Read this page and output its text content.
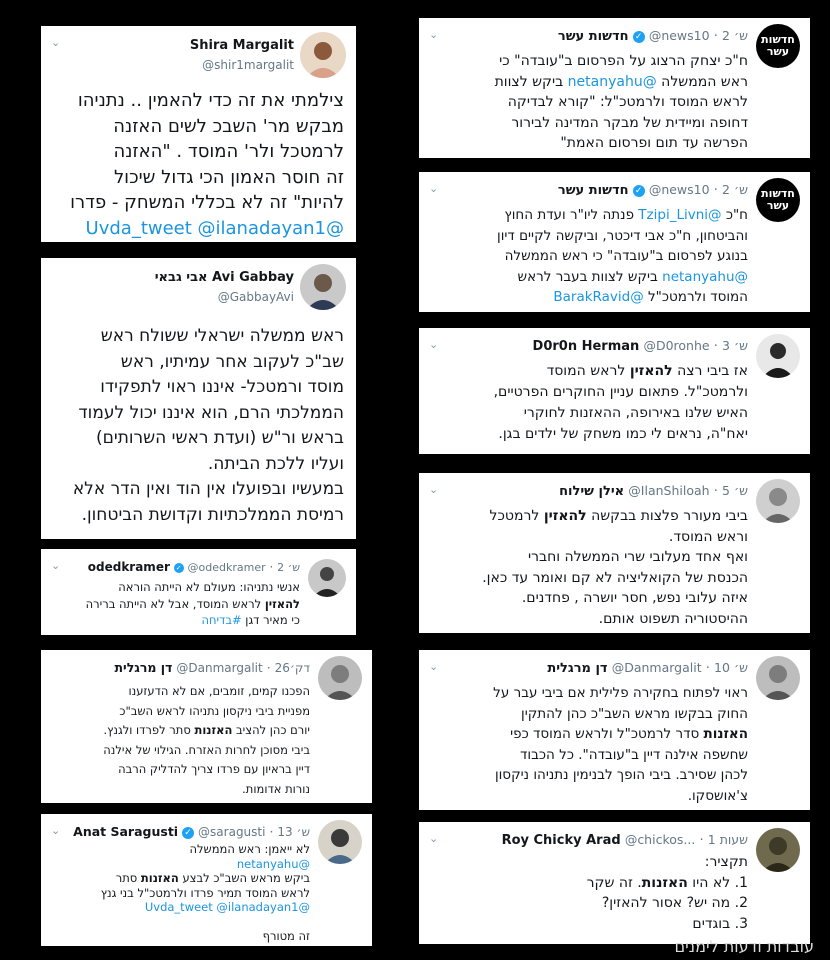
חדשות עשר
חדשות עשר ✓ @news10 · 2 ש׳
⌄
ח"כ יצחק הרצוג על הפרסום ב"עובדה" כי
ראש הממשלה @netanyahu ביקש לצוות
לראש המוסד ולרמטכ"ל: "קורא לבדיקה
דחופה ומיידית של מבקר המדינה לבירור
הפרשה עד תום ופרסום האמת"
חדשות עשר
חדשות עשר ✓ @news10 · 2 ש׳
⌄
ח"כ @Tzipi_Livni פנתה ליו"ר ועדת החוץ
והביטחון, ח"כ אבי דיכטר, וביקשה לקיים דיון
בנוגע לפרסום ב"עובדה" כי ראש הממשלה
@netanyahu ביקש לצוות בעבר לראש
המוסד ולרמטכ"ל @BarakRavid
D0r0n Herman @D0ronhe · 3 ש׳
⌄
אז ביבי רצה להאזין לראש המוסד
ולרמטכ"ל. פתאום עניין החוקרים הפרטיים,
האיש שלנו באירופה, ההאזנות לחוקרי
יאח"ה, נראים לי כמו משחק של ילדים בגן.
אילן שילוח @IlanShiloah · 5 ש׳
⌄
ביבי מעורר פלצות בבקשה להאזין לרמטכל
וראש המוסד.
ואף אחד מעלובי שרי הממשלה וחברי
הכנסת של הקואליציה לא קם ואומר עד כאן.
איזה עלובי נפש, חסר יושרה , פחדנים.
ההיסטוריה תשפוט אותם.
דן מרגלית @Danmargalit · 10 ש׳
⌄
ראוי לפתוח בחקירה פלילית אם ביבי עבר על
החוק בבקשו מראש השב"כ כהן להתקין
האזנות סדר לרמטכ"ל ולראש המוסד כפי
שחשפה אילנה דיין ב"עובדה". כל הכבוד
לכהן שסירב. ביבי הופך לבנימין נתניהו ניקסון
צ'אושסקו.
Roy Chicky Arad @chickos... · 1 שעות
⌄
תקציר:
1. לא היו האזנות. זה שקר
2. מה יש? אסור להאזין?
3. בוגדים
Shira Margalit
@shir1margalit
⌄
צילמתי את זה כדי להאמין .. נתניהו
מבקש מר' השבכ לשים האזנה
לרמטכל ולר' המוסד . "האזנה
זה חוסר האמון הכי גדול שיכול
להיות" זה לא בכללי המשחק - פדרו
@Uvda_tweet @ilanadayan1
אבי גבאי Avi Gabbay
@GabbayAvi
ראש ממשלה ישראלי ששולח ראש
שב"כ לעקוב אחר עמיתיו, ראש
מוסד ורמטכל- איננו ראוי לתפקידו
הממלכתי הרם, הוא איננו יכול לעמוד
בראש ור"ש (ועדת ראשי השרותים)
ועליו ללכת הביתה.
במעשיו ובפועלו אין הוד ואין הדר אלא
רמיסת הממלכתיות וקדושת הביטחון.
odedkramer ✓ @odedkramer · 2 ש׳
⌄
אנשי נתניהו: מעולם לא הייתה הוראה
להאזין לראש המוסד, אבל לא הייתה ברירה
כי מאיר דגן #בדיחה
דן מרגלית @Danmargalit · 26דק׳
הפכנו קמים, זומבים, אם לא הדעזענו
מפניית ביבי ניקסון נתניהו לראש השב"כ
יורם כהן להציב האזנות סתר לפרדו ולגנץ.
ביבי מסוכן לחרות האזרח. הגילוי של אילנה
דיין בראיון עם פרדו צריך להדליק הרבה
נורות אדומות.
Anat Saragusti ✓ @saragusti · 13 ש׳
⌄
לא ייאמן: ראש הממשלה
@netanyahu
ביקש מראש השב"כ לבצע האזנות סתר
לראש המוסד תמיר פרדו ולרמטכ"ל בני גנץ
@Uvda_tweet @ilanadayan1

זה מטורף
עובדות ודעות לימנים
